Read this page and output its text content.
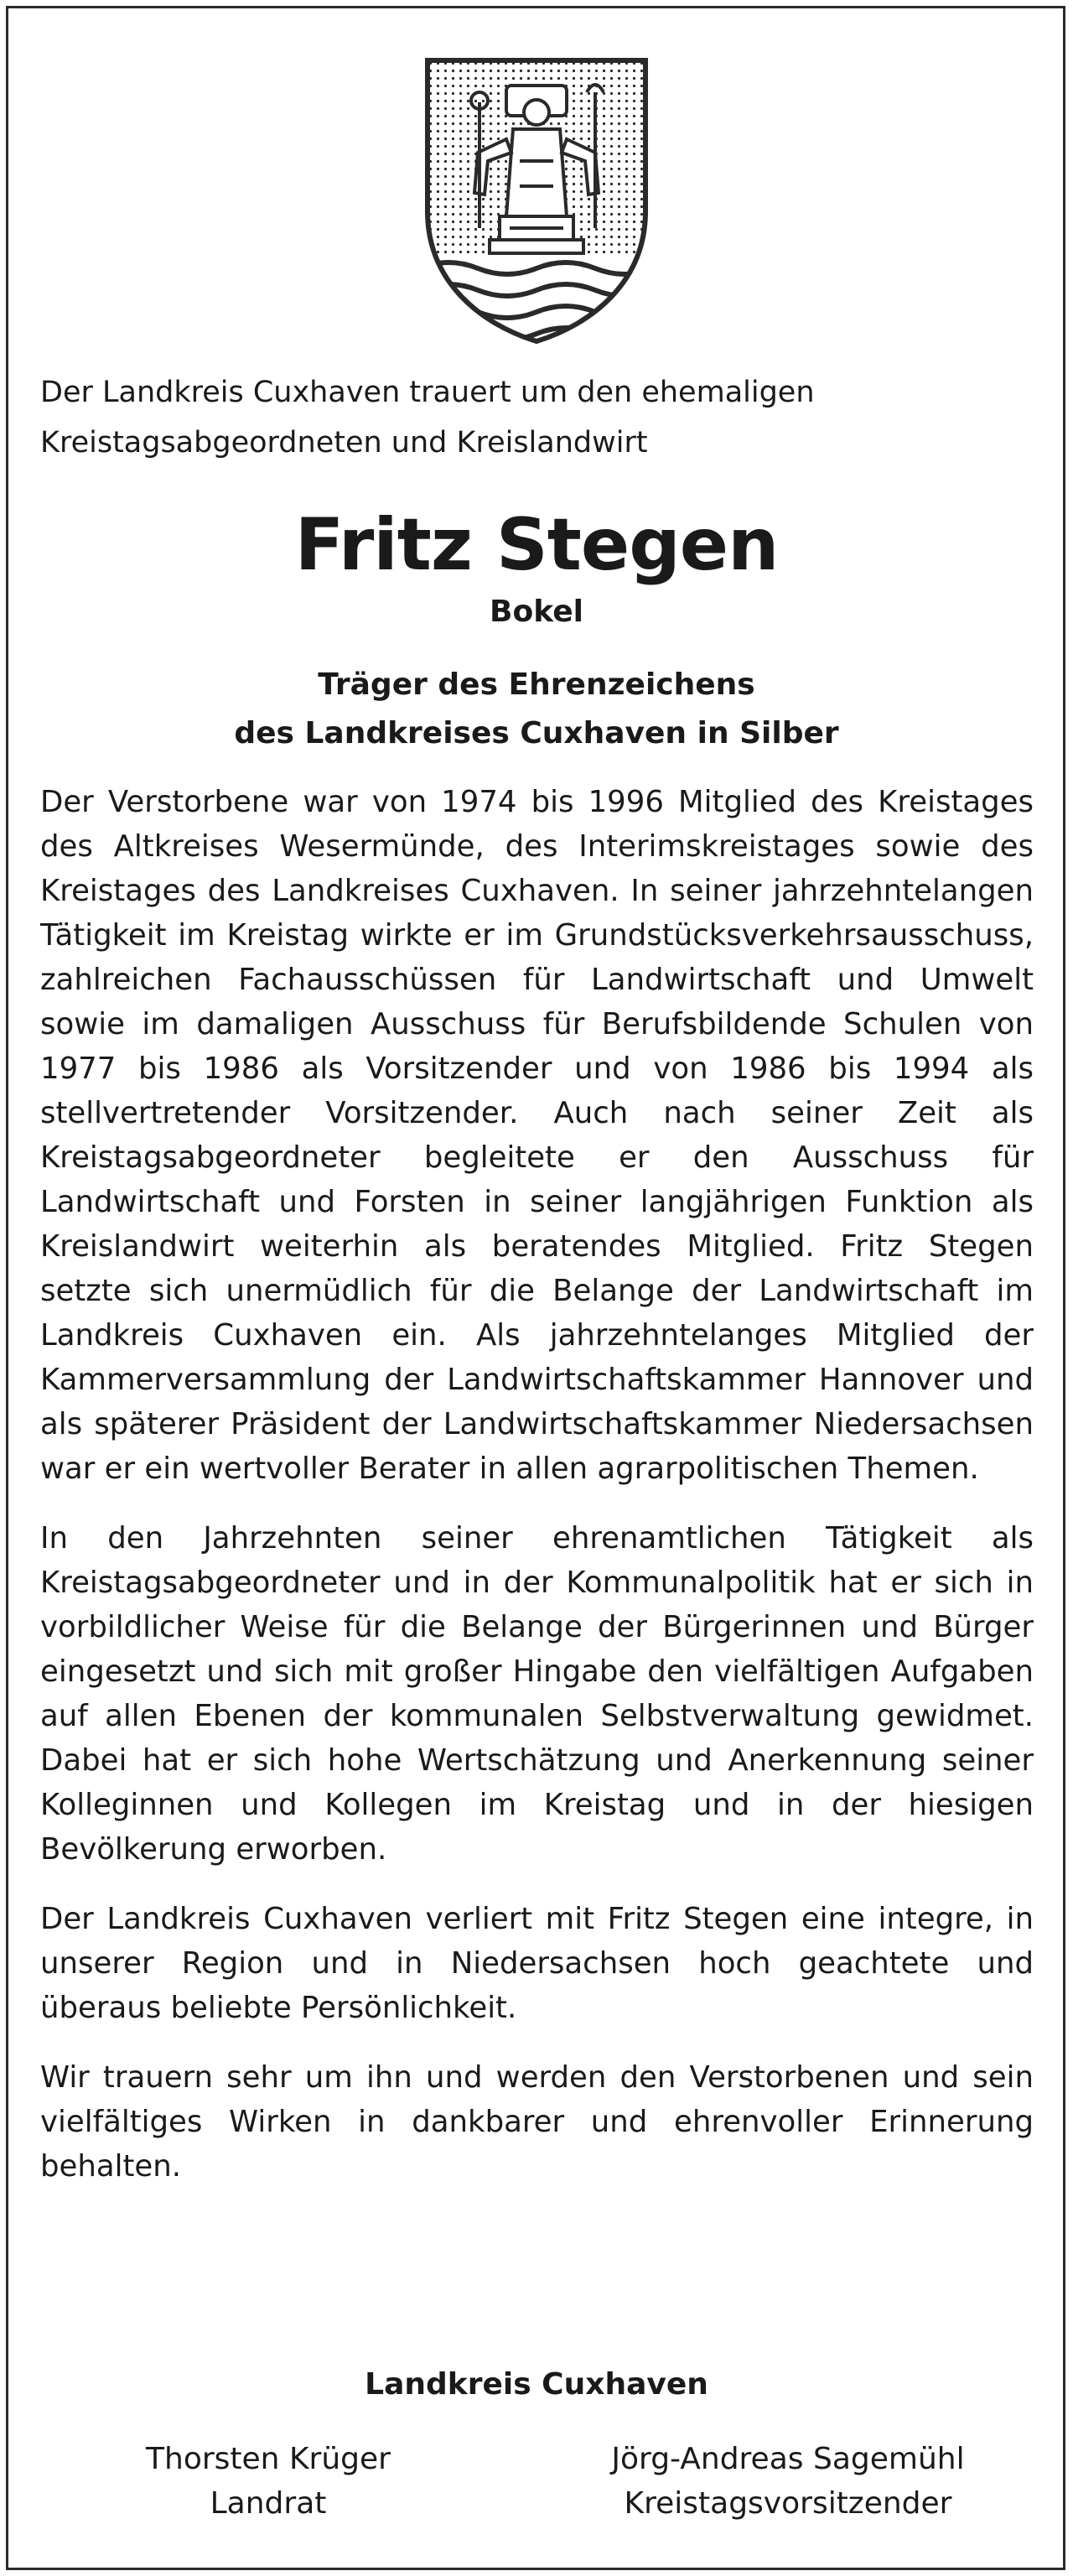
Der Landkreis Cuxhaven trauert um den ehemaligen Kreistagsabgeordneten und Kreislandwirt

Fritz Stegen

Bokel

Träger des Ehrenzeichens
des Landkreises Cuxhaven in Silber

Der Verstorbene war von 1974 bis 1996 Mitglied des Kreistages des Altkreises Wesermünde, des Interimskreistages sowie des Kreistages des Landkreises Cuxhaven. In seiner jahrzehntelangen Tätigkeit im Kreistag wirkte er im Grundstücksverkehrsausschuss, zahlreichen Fachausschüssen für Landwirtschaft und Umwelt sowie im damaligen Ausschuss für Berufsbildende Schulen von 1977 bis 1986 als Vorsitzender und von 1986 bis 1994 als stellvertretender Vorsitzender. Auch nach seiner Zeit als Kreistagsabgeordneter begleitete er den Ausschuss für Landwirtschaft und Forsten in seiner langjährigen Funktion als Kreislandwirt weiterhin als beratendes Mitglied. Fritz Stegen setzte sich unermüdlich für die Belange der Landwirtschaft im Landkreis Cuxhaven ein. Als jahrzehntelanges Mitglied der Kammerversammlung der Landwirtschaftskammer Hannover und als späterer Präsident der Landwirtschaftskammer Niedersachsen war er ein wertvoller Berater in allen agrarpolitischen Themen.

In den Jahrzehnten seiner ehrenamtlichen Tätigkeit als Kreistagsabgeordneter und in der Kommunalpolitik hat er sich in vorbildlicher Weise für die Belange der Bürgerinnen und Bürger eingesetzt und sich mit großer Hingabe den vielfältigen Aufgaben auf allen Ebenen der kommunalen Selbstverwaltung gewidmet. Dabei hat er sich hohe Wertschätzung und Anerkennung seiner Kolleginnen und Kollegen im Kreistag und in der hiesigen Bevölkerung erworben.

Der Landkreis Cuxhaven verliert mit Fritz Stegen eine integre, in unserer Region und in Niedersachsen hoch geachtete und überaus beliebte Persönlichkeit.

Wir trauern sehr um ihn und werden den Verstorbenen und sein vielfältiges Wirken in dankbarer und ehrenvoller Erinnerung behalten.

Landkreis Cuxhaven

Thorsten Krüger
Landrat
Jörg-Andreas Sagemühl
Kreistagsvorsitzender
